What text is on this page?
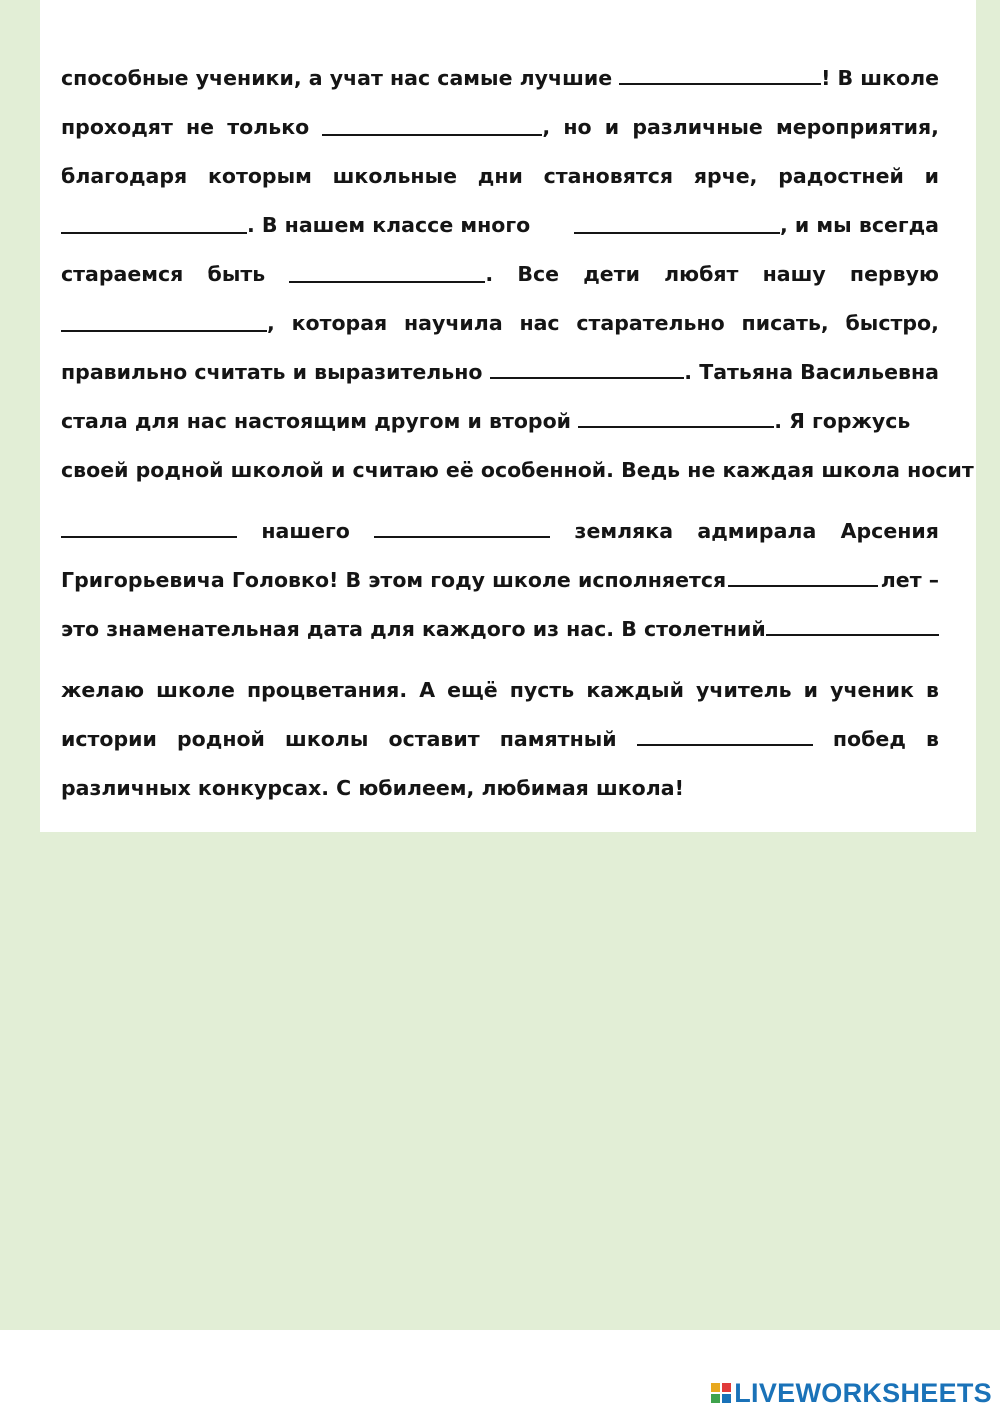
способные ученики, а учат нас самые лучшие
	! В школе
проходят не только	, но и различные мероприятия,
благодаря которым школьные дни становятся ярче, радостней и
. В нашем классе много	, и мы всегда
стараемся быть	. Все дети любят нашу первую
, которая научила нас старательно писать, быстро,
правильно считать и выразительно
	. Татьяна Васильевна
стала для нас настоящим другом и второй
	. Я горжусь
своей родной школой и считаю её особенной. Ведь не каждая школа носит
нашего	земляка адмирала Арсения
Григорьевича Головко! В этом году школе исполняется	лет –
это знаменательная дата для каждого из нас. В столетний
желаю школе процветания. А ещё пусть каждый учитель и ученик в
истории родной школы оставит памятный	побед в
различных конкурсах. С юбилеем, любимая школа!
LIVEWORKSHEETS
